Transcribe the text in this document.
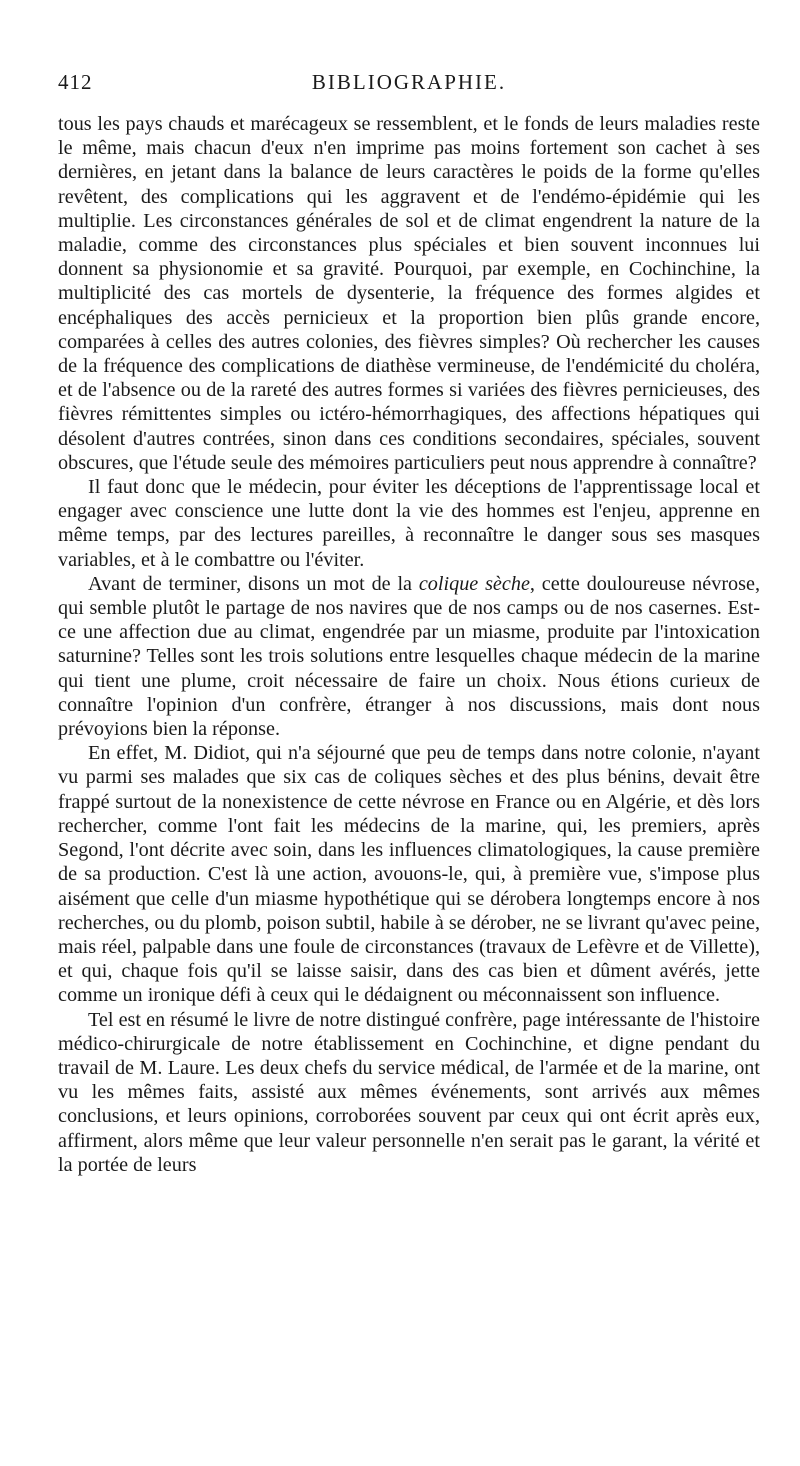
412	BIBLIOGRAPHIE.

tous les pays chauds et marécageux se ressemblent, et le fonds de leurs maladies reste le même, mais chacun d'eux n'en imprime pas moins fortement son cachet à ses dernières, en jetant dans la balance de leurs caractères le poids de la forme qu'elles revêtent, des complications qui les aggravent et de l'endémo-épidémie qui les multiplie. Les circonstances générales de sol et de climat engendrent la nature de la maladie, comme des circonstances plus spéciales et bien souvent inconnues lui donnent sa physionomie et sa gravité. Pourquoi, par exemple, en Cochinchine, la multiplicité des cas mortels de dysenterie, la fréquence des formes algides et encéphaliques des accès pernicieux et la proportion bien plûs grande encore, comparées à celles des autres colonies, des fièvres simples? Où rechercher les causes de la fréquence des complications de diathèse vermineuse, de l'endémicité du choléra, et de l'absence ou de la rareté des autres formes si variées des fièvres pernicieuses, des fièvres rémittentes simples ou ictéro-hémorrhagiques, des affections hépatiques qui désolent d'autres contrées, sinon dans ces conditions secondaires, spéciales, souvent obscures, que l'étude seule des mémoires particuliers peut nous apprendre à connaître?

Il faut donc que le médecin, pour éviter les déceptions de l'apprentissage local et engager avec conscience une lutte dont la vie des hommes est l'enjeu, apprenne en même temps, par des lectures pareilles, à reconnaître le danger sous ses masques variables, et à le combattre ou l'éviter.

Avant de terminer, disons un mot de la colique sèche, cette douloureuse névrose, qui semble plutôt le partage de nos navires que de nos camps ou de nos casernes. Est-ce une affection due au climat, engendrée par un miasme, produite par l'intoxication saturnine? Telles sont les trois solutions entre lesquelles chaque médecin de la marine qui tient une plume, croit nécessaire de faire un choix. Nous étions curieux de connaître l'opinion d'un confrère, étranger à nos discussions, mais dont nous prévoyions bien la réponse.

En effet, M. Didiot, qui n'a séjourné que peu de temps dans notre colonie, n'ayant vu parmi ses malades que six cas de coliques sèches et des plus bénins, devait être frappé surtout de la nonexistence de cette névrose en France ou en Algérie, et dès lors rechercher, comme l'ont fait les médecins de la marine, qui, les premiers, après Segond, l'ont décrite avec soin, dans les influences climatologiques, la cause première de sa production. C'est là une action, avouons-le, qui, à première vue, s'impose plus aisément que celle d'un miasme hypothétique qui se dérobera longtemps encore à nos recherches, ou du plomb, poison subtil, habile à se dérober, ne se livrant qu'avec peine, mais réel, palpable dans une foule de circonstances (travaux de Lefèvre et de Villette), et qui, chaque fois qu'il se laisse saisir, dans des cas bien et dûment avérés, jette comme un ironique défi à ceux qui le dédaignent ou méconnaissent son influence.

Tel est en résumé le livre de notre distingué confrère, page intéressante de l'histoire médico-chirurgicale de notre établissement en Cochinchine, et digne pendant du travail de M. Laure. Les deux chefs du service médical, de l'armée et de la marine, ont vu les mêmes faits, assisté aux mêmes événements, sont arrivés aux mêmes conclusions, et leurs opinions, corroborées souvent par ceux qui ont écrit après eux, affirment, alors même que leur valeur personnelle n'en serait pas le garant, la vérité et la portée de leurs
